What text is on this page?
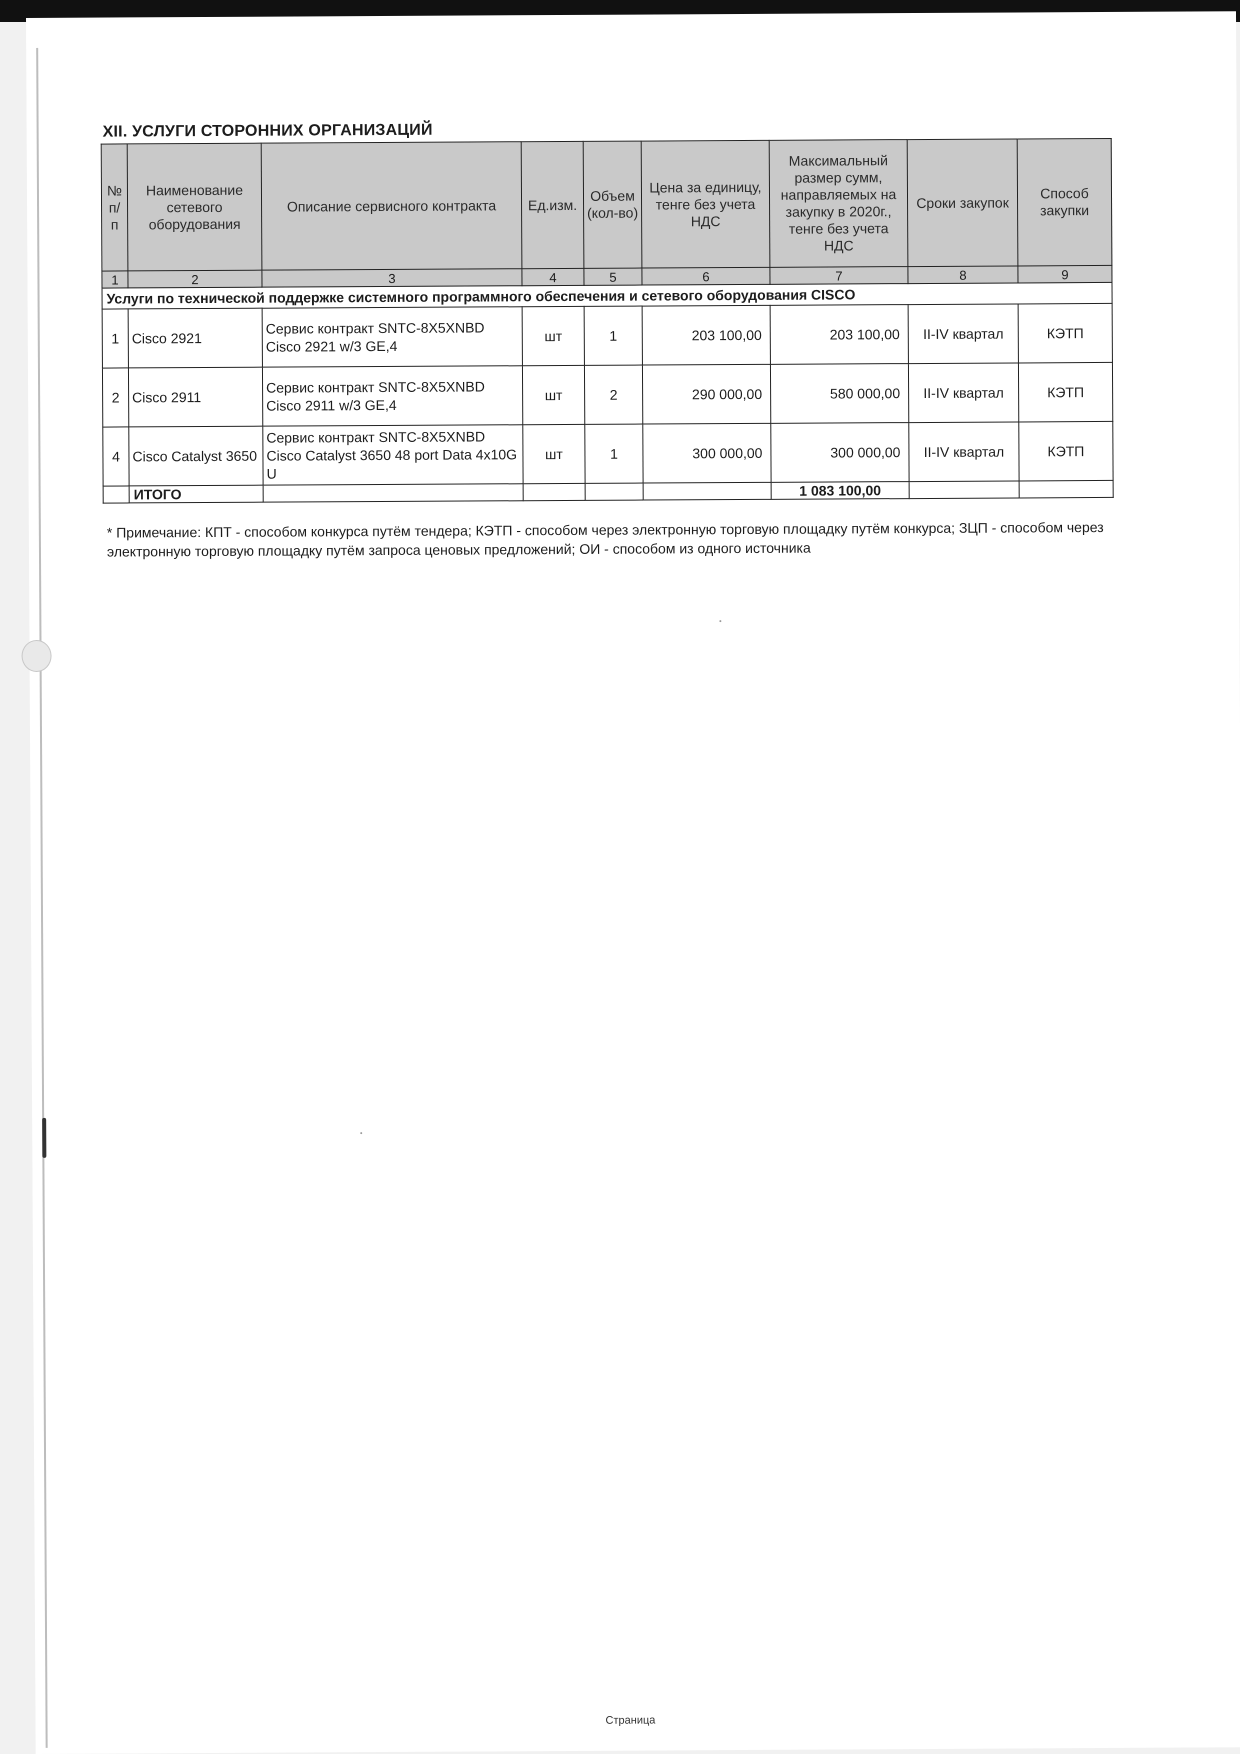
XII. УСЛУГИ СТОРОННИХ ОРГАНИЗАЦИЙ
№ п/п	Наименование сетевого оборудования	Описание сервисного контракта	Ед.изм.	Объем (кол-во)	Цена за единицу, тенге без учета НДС	Максимальный размер сумм, направляемых на закупку в 2020г., тенге без учета НДС	Сроки закупок	Способ закупки
1	2	3	4	5	6	7	8	9
Услуги по технической поддержке системного программного обеспечения и сетевого оборудования CISCO								
1	Cisco 2921	Сервис контракт SNTC-8X5XNBD Cisco 2921 w/3 GE,4	шт	1	203 100,00	203 100,00	II-IV квартал	КЭТП
2	Cisco 2911	Сервис контракт SNTC-8X5XNBD Cisco 2911 w/3 GE,4	шт	2	290 000,00	580 000,00	II-IV квартал	КЭТП
4	Cisco Catalyst 3650	Сервис контракт SNTC-8X5XNBD Cisco Catalyst 3650 48 port Data 4x10G U	шт	1	300 000,00	300 000,00	II-IV квартал	КЭТП
	ИТОГО					1 083 100,00		
* Примечание: КПТ - способом конкурса путём тендера; КЭТП - способом через электронную торговую площадку путём конкурса; ЗЦП - способом через электронную торговую площадку путём запроса ценовых предложений; ОИ - способом из одного источника
Страница
